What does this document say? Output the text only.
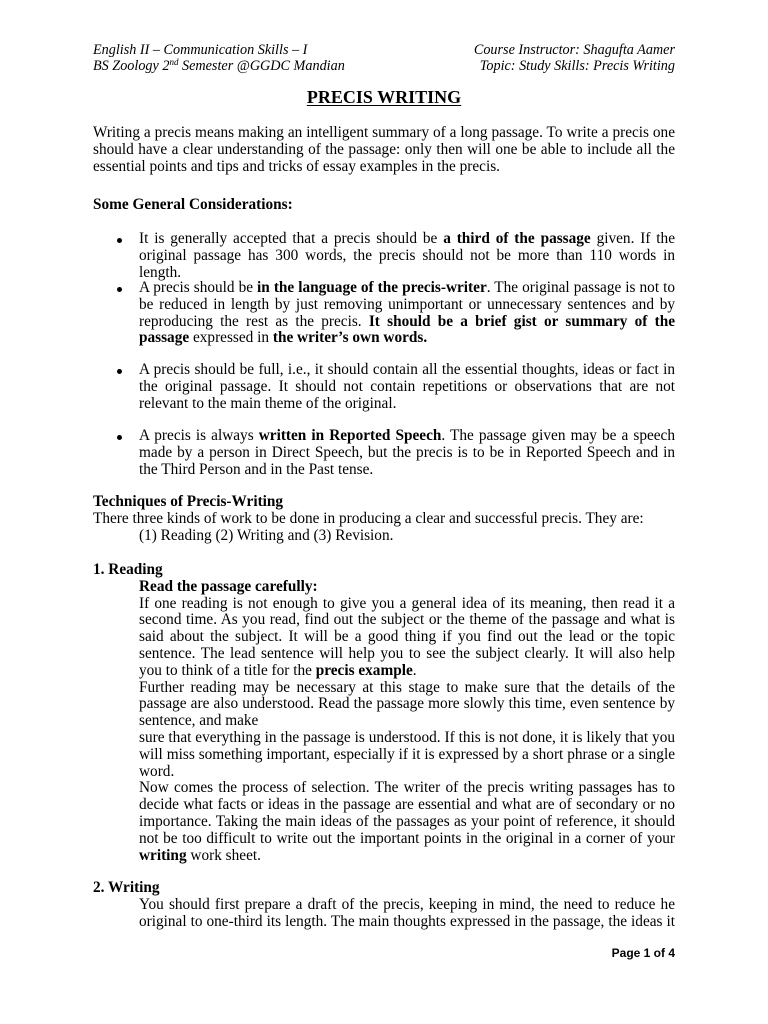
English II – Communication Skills – I
BS Zoology 2nd Semester @GGDC Mandian
Course Instructor: Shagufta Aamer
Topic: Study Skills: Precis Writing
PRECIS WRITING

Writing a precis means making an intelligent summary of a long passage. To write a precis one should have a clear understanding of the passage: only then will one be able to include all the essential points and tips and tricks of essay examples in the precis.

Some General Considerations:

It is generally accepted that a precis should be a third of the passage given. If the original passage has 300 words, the precis should not be more than 110 words in length.

A precis should be in the language of the precis-writer. The original passage is not to be reduced in length by just removing unimportant or unnecessary sentences and by reproducing the rest as the precis. It should be a brief gist or summary of the passage expressed in the writer’s own words.

A precis should be full, i.e., it should contain all the essential thoughts, ideas or fact in the original passage. It should not contain repetitions or observations that are not relevant to the main theme of the original.

A precis is always written in Reported Speech. The passage given may be a speech made by a person in Direct Speech, but the precis is to be in Reported Speech and in the Third Person and in the Past tense.

Techniques of Precis-Writing
There three kinds of work to be done in producing a clear and successful precis. They are:
(1) Reading (2) Writing and (3) Revision.
1. Reading
Read the passage carefully:

If one reading is not enough to give you a general idea of its meaning, then read it a second time. As you read, find out the subject or the theme of the passage and what is said about the subject. It will be a good thing if you find out the lead or the topic sentence. The lead sentence will help you to see the subject clearly. It will also help you to think of a title for the precis example.

Further reading may be necessary at this stage to make sure that the details of the passage are also understood. Read the passage more slowly this time, even sentence by sentence, and make

sure that everything in the passage is understood. If this is not done, it is likely that you will miss something important, especially if it is expressed by a short phrase or a single word.

Now comes the process of selection. The writer of the precis writing passages has to decide what facts or ideas in the passage are essential and what are of secondary or no importance. Taking the main ideas of the passages as your point of reference, it should not be too difficult to write out the important points in the original in a corner of your writing work sheet.

2. Writing

You should first prepare a draft of the precis, keeping in mind, the need to reduce he original to one-third its length. The main thoughts expressed in the passage, the ideas it

Page 1 of 4
